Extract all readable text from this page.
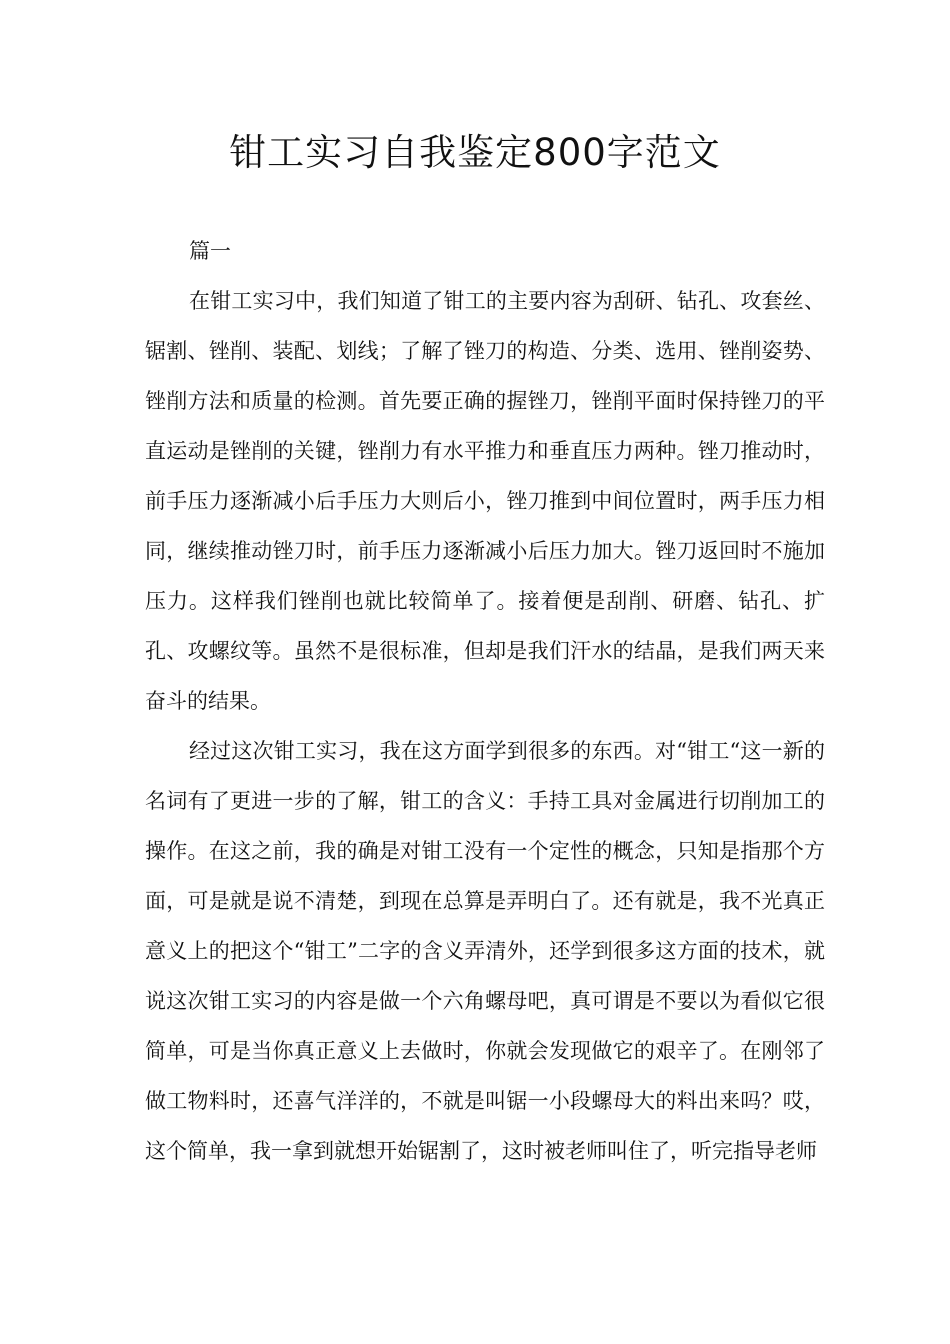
钳工实习自我鉴定800字范文
篇一

在钳工实习中，我们知道了钳工的主要内容为刮研、钻孔、攻套丝、锯割、锉削、装配、划线；了解了锉刀的构造、分类、选用、锉削姿势、锉削方法和质量的检测。首先要正确的握锉刀，锉削平面时保持锉刀的平直运动是锉削的关键，锉削力有水平推力和垂直压力两种。锉刀推动时，前手压力逐渐减小后手压力大则后小，锉刀推到中间位置时，两手压力相同，继续推动锉刀时，前手压力逐渐减小后压力加大。锉刀返回时不施加压力。这样我们锉削也就比较简单了。接着便是刮削、研磨、钻孔、扩孔、攻螺纹等。虽然不是很标准，但却是我们汗水的结晶，是我们两天来奋斗的结果。

经过这次钳工实习，我在这方面学到很多的东西。对“钳工“这一新的名词有了更进一步的了解，钳工的含义：手持工具对金属进行切削加工的操作。在这之前，我的确是对钳工没有一个定性的概念，只知是指那个方面，可是就是说不清楚，到现在总算是弄明白了。还有就是，我不光真正意义上的把这个“钳工”二字的含义弄清外，还学到很多这方面的技术，就说这次钳工实习的内容是做一个六角螺母吧，真可谓是不要以为看似它很简单，可是当你真正意义上去做时，你就会发现做它的艰辛了。在刚邻了做工物料时，还喜气洋洋的，不就是叫锯一小段螺母大的料出来吗？哎，这个简单，我一拿到就想开始锯割了，这时被老师叫住了，听完指导老师
